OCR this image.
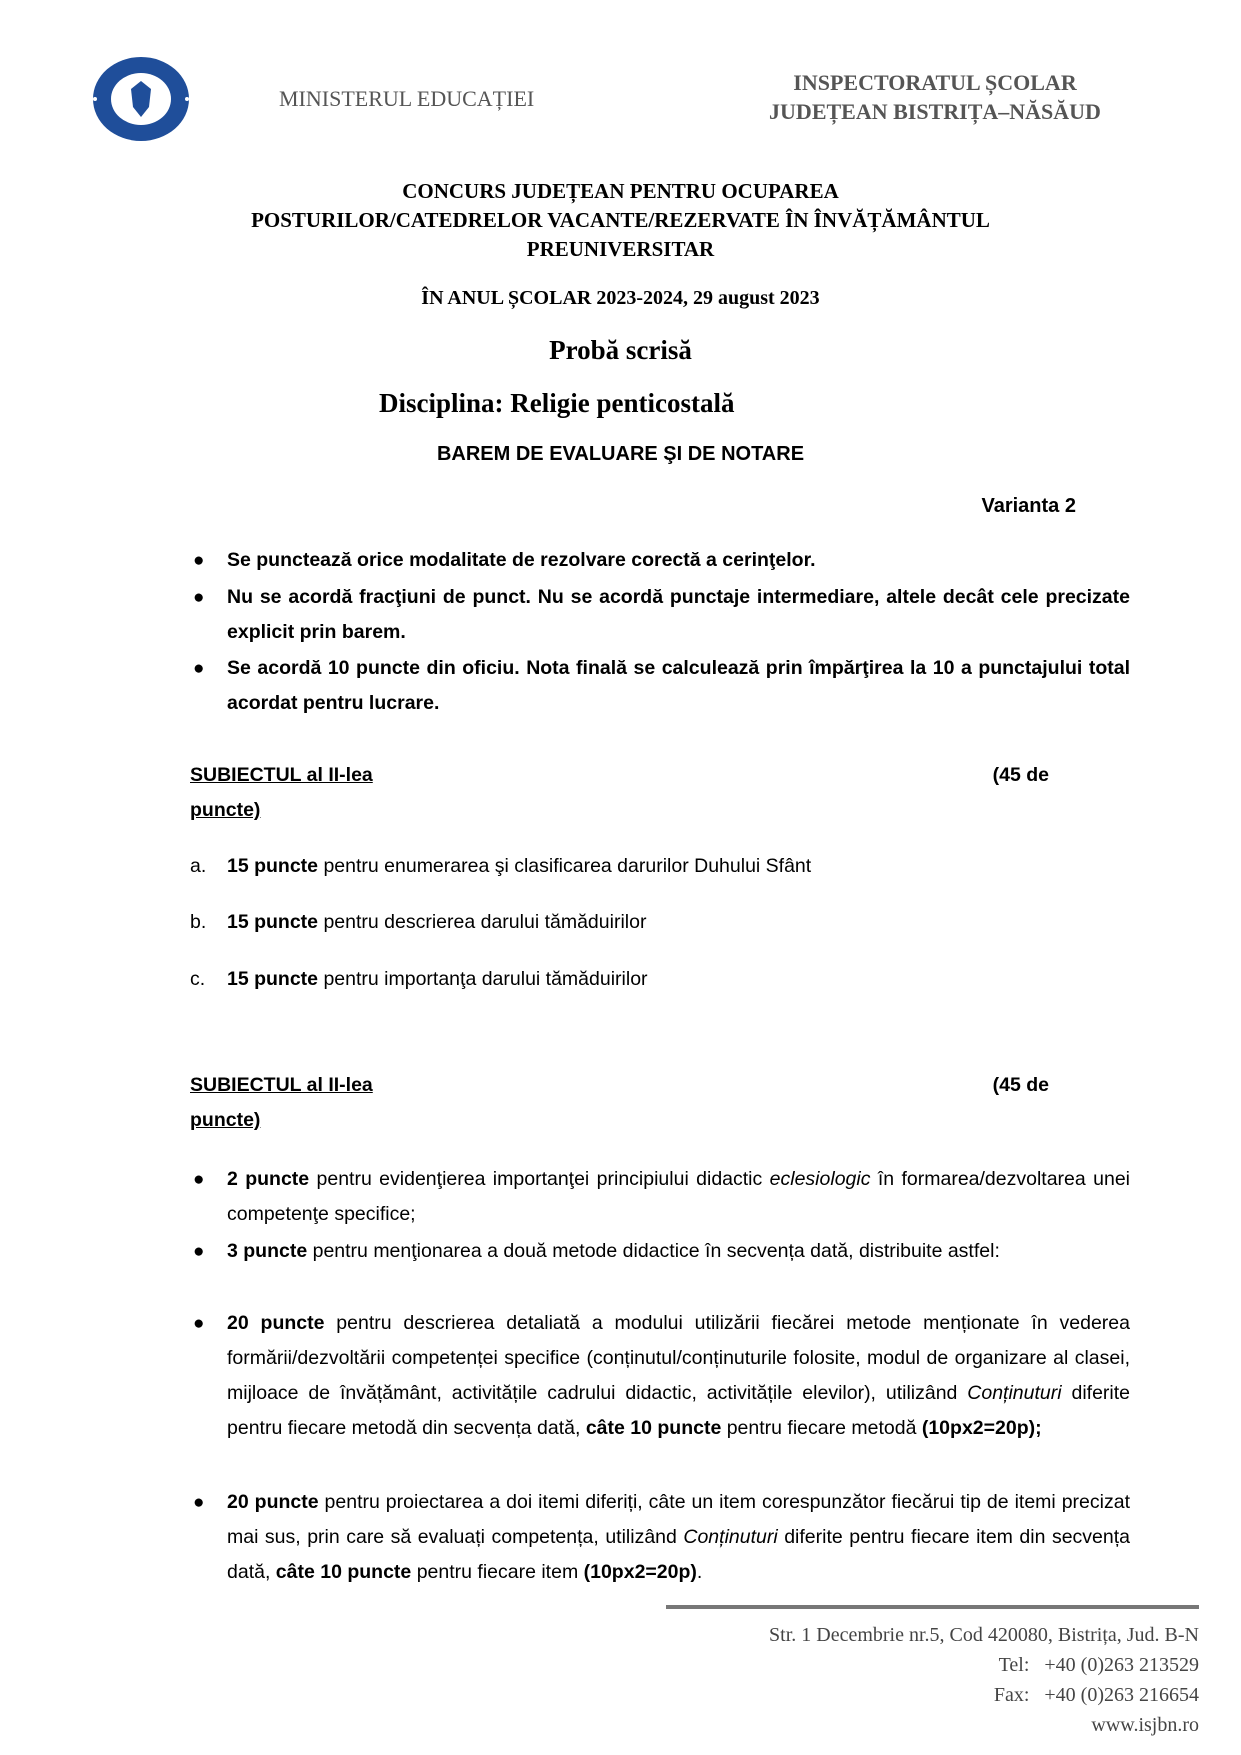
MINISTERUL EDUCAȚIEI
INSPECTORATUL ȘCOLAR
JUDEȚEAN BISTRIȚA–NĂSĂUD
CONCURS JUDEȚEAN PENTRU OCUPAREA
POSTURILOR/CATEDRELOR VACANTE/REZERVATE ÎN ÎNVĂȚĂMÂNTUL
PREUNIVERSITAR
ÎN ANUL ȘCOLAR 2023-2024, 29 august 2023
Probă scrisă
Disciplina: Religie penticostală
BAREM DE EVALUARE ŞI DE NOTARE
Varianta 2
● Se punctează orice modalitate de rezolvare corectă a cerinţelor.
● Nu se acordă fracţiuni de punct. Nu se acordă punctaje intermediare, altele decât cele precizate explicit prin barem.
● Se acordă 10 puncte din oficiu. Nota finală se calculează prin împărţirea la 10 a punctajului total acordat pentru lucrare.
SUBIECTUL al II-lea	(45 de
puncte)
a. 15 puncte pentru enumerarea şi clasificarea darurilor Duhului Sfânt
b. 15 puncte pentru descrierea darului tămăduirilor
c. 15 puncte pentru importanţa darului tămăduirilor
SUBIECTUL al II-lea	(45 de
puncte)
● 2 puncte pentru evidenţierea importanţei principiului didactic eclesiologic în formarea/dezvoltarea unei competenţe specifice;
● 3 puncte pentru menţionarea a două metode didactice în secvența dată, distribuite astfel:
● 20 puncte pentru descrierea detaliată a modului utilizării fiecărei metode menționate în vederea formării/dezvoltării competenței specifice (conținutul/conținuturile folosite, modul de organizare al clasei, mijloace de învățământ, activitățile cadrului didactic, activitățile elevilor), utilizând Conținuturi diferite pentru fiecare metodă din secvența dată, câte 10 puncte pentru fiecare metodă (10px2=20p);
● 20 puncte pentru proiectarea a doi itemi diferiți, câte un item corespunzător fiecărui tip de itemi precizat mai sus, prin care să evaluați competența, utilizând Conținuturi diferite pentru fiecare item din secvența dată, câte 10 puncte pentru fiecare item (10px2=20p).
Str. 1 Decembrie nr.5, Cod 420080, Bistrița, Jud. B-N
Tel: +40 (0)263 213529
Fax: +40 (0)263 216654
www.isjbn.ro
